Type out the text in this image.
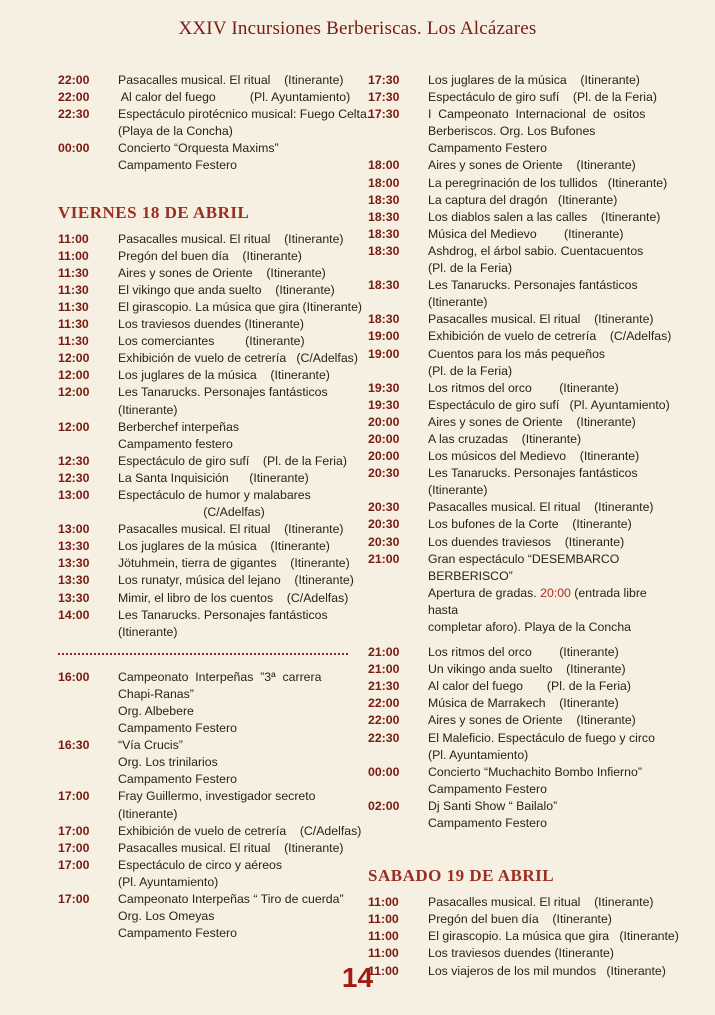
XXIV Incursiones Berberiscas. Los Alcázares
22:00	Pasacalles musical. El ritual    (Itinerante)
22:00	Al calor del fuego          (Pl. Ayuntamiento)
22:30	Espectáculo pirotécnico musical: Fuego Celta.
(Playa de la Concha)
00:00	Concierto “Orquesta Maxims”
Campamento Festero
VIERNES 18 DE ABRIL
11:00	Pasacalles musical. El ritual    (Itinerante)
11:00	Pregón del buen día    (Itinerante)
11:30	Aires y sones de Oriente    (Itinerante)
11:30	El vikingo que anda suelto    (Itinerante)
11:30	El girascopio. La música que gira (Itinerante)
11:30	Los traviesos duendes (Itinerante)
11:30	Los comerciantes         (Itinerante)
12:00	Exhibición de vuelo de cetrería   (C/Adelfas)
12:00	Los juglares de la música    (Itinerante)
12:00	Les Tanarucks. Personajes fantásticos
(Itinerante)
12:00	Berberchef interpeñas
Campamento festero
12:30	Espectáculo de giro sufí    (Pl. de la Feria)
12:30	La Santa Inquisición      (Itinerante)
13:00	Espectáculo de humor y malabares
(C/Adelfas)
13:00	Pasacalles musical. El ritual    (Itinerante)
13:30	Los juglares de la música    (Itinerante)
13:30	Jötuhmein, tierra de gigantes    (Itinerante)
13:30	Los runatyr, música del lejano    (Itinerante)
13:30	Mimir, el libro de los cuentos    (C/Adelfas)
14:00	Les Tanarucks. Personajes fantásticos
(Itinerante)
16:00	Campeonato  Interpeñas  ”3ª  carrera
Chapi-Ranas”
Org. Albebere
Campamento Festero
16:30	“Vía Crucis”
Org. Los trinilarios
Campamento Festero
17:00	Fray Guillermo, investigador secreto
(Itinerante)
17:00	Exhibición de vuelo de cetrería    (C/Adelfas)
17:00	Pasacalles musical. El ritual    (Itinerante)
17:00	Espectáculo de circo y aéreos
(Pl. Ayuntamiento)
17:00	Campeonato Interpeñas “ Tiro de cuerda”
Org. Los Omeyas
Campamento Festero
17:30	Los juglares de la música    (Itinerante)
17:30	Espectáculo de giro sufí    (Pl. de la Feria)
17:30	I  Campeonato  Internacional  de  ositos
Berberiscos. Org. Los Bufones
Campamento Festero
18:00	Aires y sones de Oriente    (Itinerante)
18:00	La peregrinación de los tullidos   (Itinerante)
18:30	La captura del dragón   (Itinerante)
18:30	Los diablos salen a las calles    (Itinerante)
18:30	Música del Medievo        (Itinerante)
18:30	Ashdrog, el árbol sabio. Cuentacuentos
(Pl. de la Feria)
18:30	Les Tanarucks. Personajes fantásticos
(Itinerante)
18:30	Pasacalles musical. El ritual    (Itinerante)
19:00	Exhibición de vuelo de cetrería    (C/Adelfas)
19:00	Cuentos para los más pequeños
(Pl. de la Feria)
19:30	Los ritmos del orco        (Itinerante)
19:30	Espectáculo de giro sufí   (Pl. Ayuntamiento)
20:00	Aires y sones de Oriente    (Itinerante)
20:00	A las cruzadas    (Itinerante)
20:00	Los músicos del Medievo    (Itinerante)
20:30	Les Tanarucks. Personajes fantásticos
(Itinerante)
20:30	Pasacalles musical. El ritual    (Itinerante)
20:30	Los bufones de la Corte    (Itinerante)
20:30	Los duendes traviesos    (Itinerante)
21:00	Gran espectáculo “DESEMBARCO BERBERISCO”
Apertura de gradas. 20:00 (entrada libre hasta
completar aforo). Playa de la Concha
21:00	Los ritmos del orco        (Itinerante)
21:00	Un vikingo anda suelto    (Itinerante)
21:30	Al calor del fuego       (Pl. de la Feria)
22:00	Música de Marrakech    (Itinerante)
22:00	Aires y sones de Oriente    (Itinerante)
22:30	El Maleficio. Espectáculo de fuego y circo
(Pl. Ayuntamiento)
00:00	Concierto “Muchachito Bombo Infierno”
Campamento Festero
02:00	Dj Santi Show “ Bailalo”
Campamento Festero
SABADO 19 DE ABRIL
11:00	Pasacalles musical. El ritual    (Itinerante)
11:00	Pregón del buen día    (Itinerante)
11:00	El girascopio. La música que gira   (Itinerante)
11:00	Los traviesos duendes (Itinerante)
11:00	Los viajeros de los mil mundos   (Itinerante)
14
